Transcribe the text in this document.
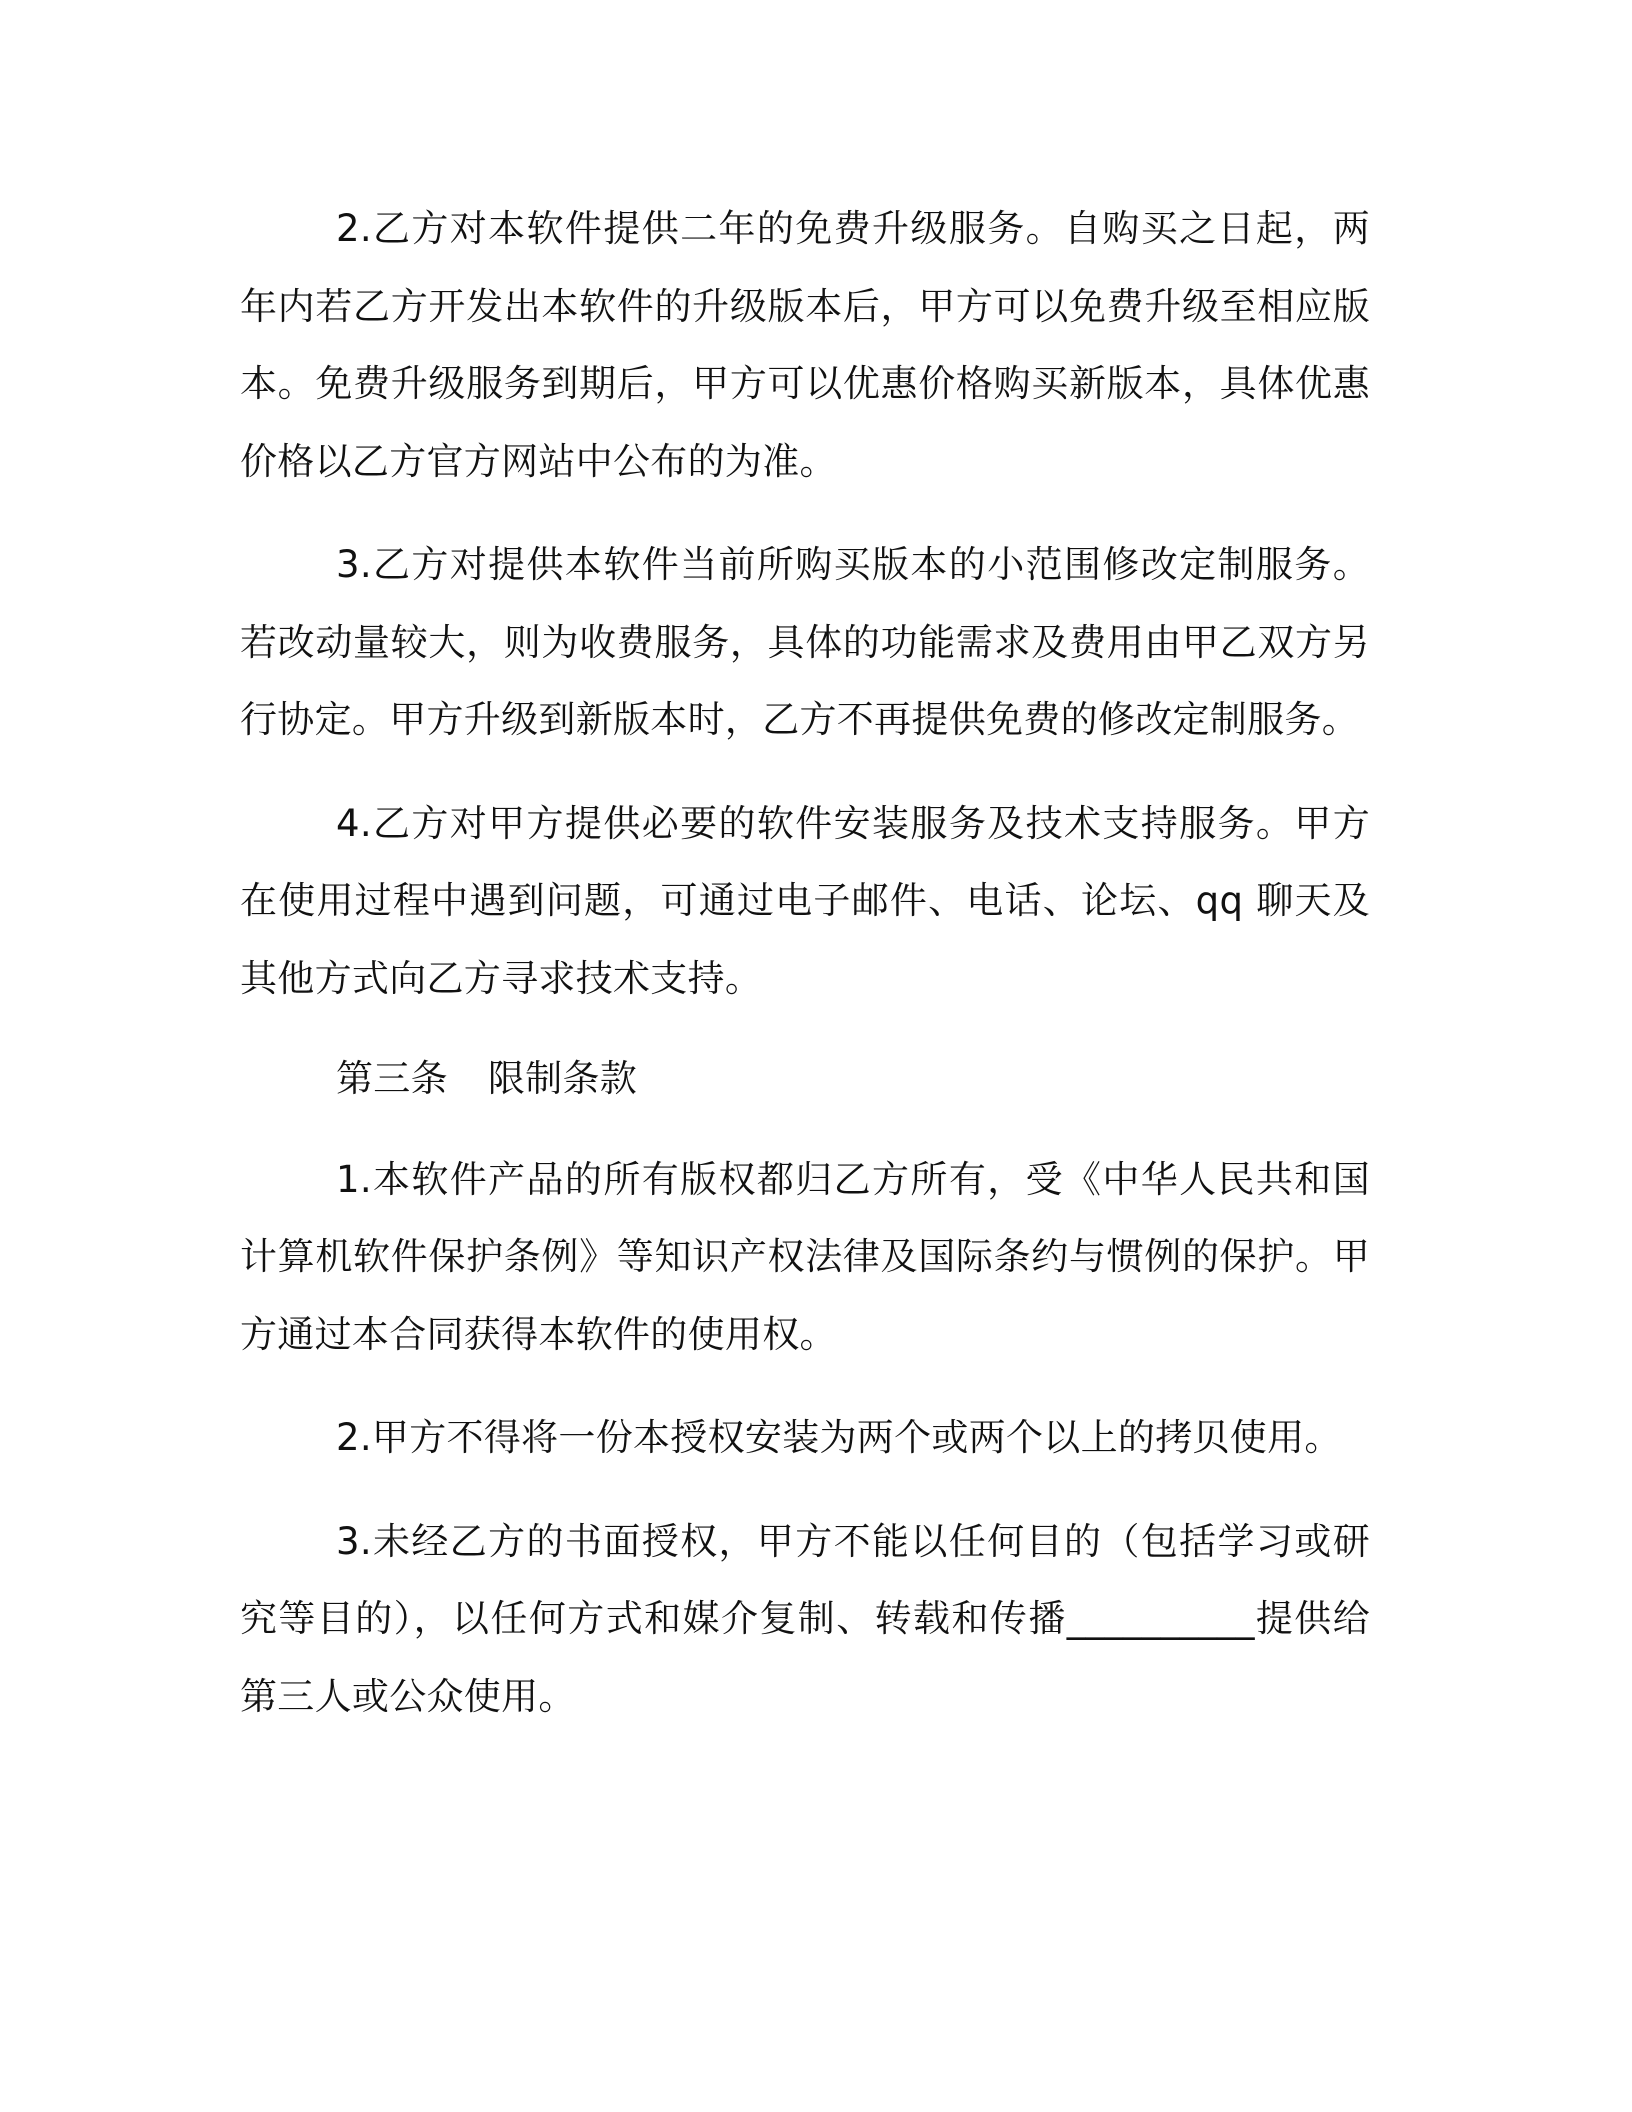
2.乙方对本软件提供二年的免费升级服务。自购买之日起，两年内若乙方开发出本软件的升级版本后，甲方可以免费升级至相应版本。免费升级服务到期后，甲方可以优惠价格购买新版本，具体优惠价格以乙方官方网站中公布的为准。

3.乙方对提供本软件当前所购买版本的小范围修改定制服务。若改动量较大，则为收费服务，具体的功能需求及费用由甲乙双方另行协定。甲方升级到新版本时，乙方不再提供免费的修改定制服务。

4.乙方对甲方提供必要的软件安装服务及技术支持服务。甲方在使用过程中遇到问题，可通过电子邮件、电话、论坛、qq 聊天及其他方式向乙方寻求技术支持。

第三条 限制条款

1.本软件产品的所有版权都归乙方所有，受《中华人民共和国计算机软件保护条例》等知识产权法律及国际条约与惯例的保护。甲方通过本合同获得本软件的使用权。

2.甲方不得将一份本授权安装为两个或两个以上的拷贝使用。

3.未经乙方的书面授权，甲方不能以任何目的（包括学习或研究等目的），以任何方式和媒介复制、转载和传播__________提供给第三人或公众使用。
